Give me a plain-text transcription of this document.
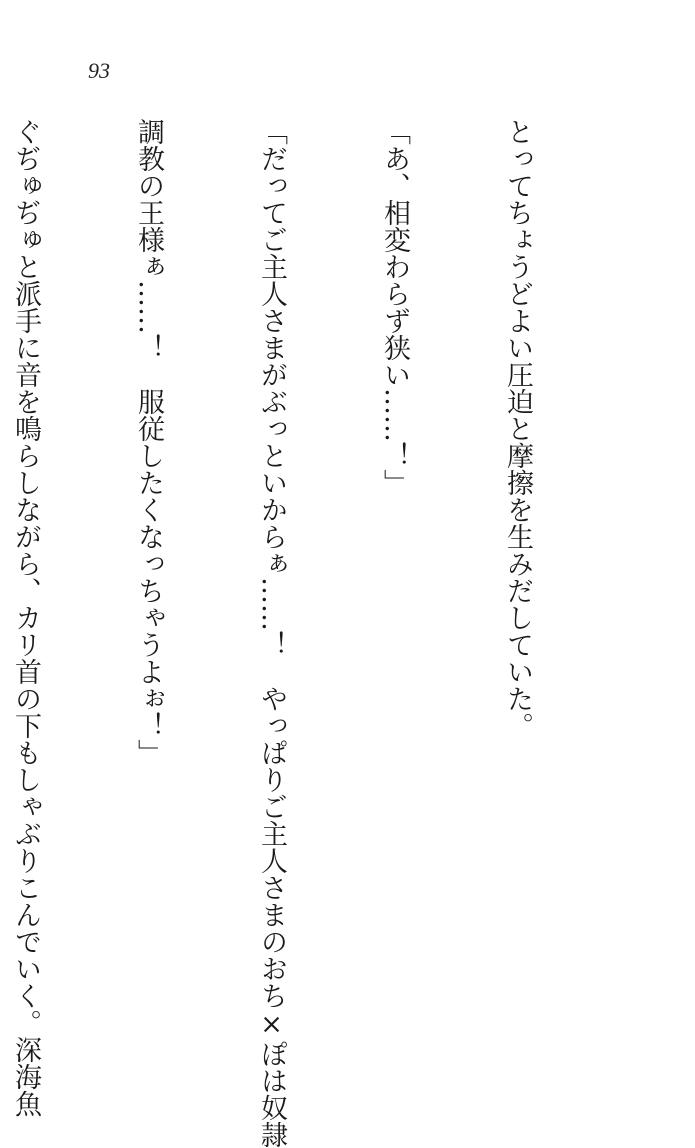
93

とってちょうどよい圧迫と摩擦を生みだしていた。

「あ、相変わらず狭い……！」

「だってご主人さまがぶっといからぁ……！　やっぱりご主人さまのおち×ぽは奴隷

調教の王様ぁ……！　服従したくなっちゃうよぉ！」

ぐぢゅぢゅと派手に音を鳴らしながら、カリ首の下もしゃぶりこんでいく。深海魚
